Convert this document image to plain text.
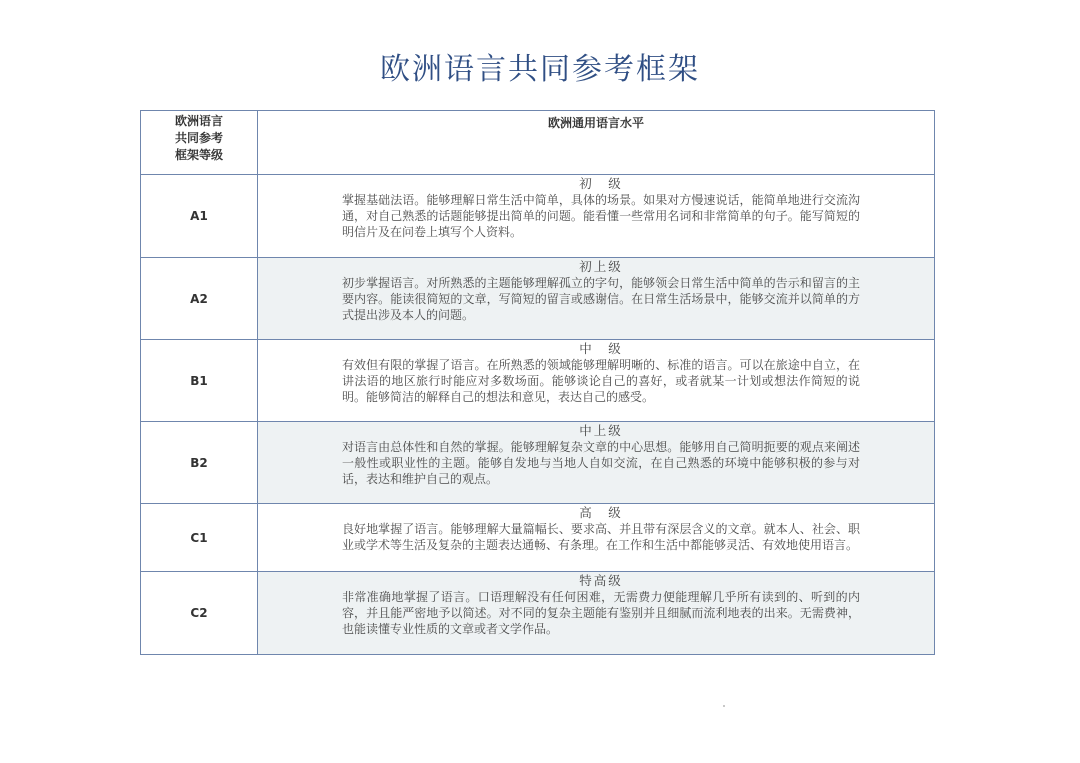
欧洲语言共同参考框架
欧洲语言
共同参考
框架等级	欧洲通用语言水平
A1	初　级
掌握基础法语。能够理解日常生活中简单，具体的场景。如果对方慢速说话，能简单地进行交流沟通，对自己熟悉的话题能够提出简单的问题。能看懂一些常用名词和非常简单的句子。能写简短的明信片及在问卷上填写个人资料。

A2	初上级
初步掌握语言。对所熟悉的主题能够理解孤立的字句，能够领会日常生活中简单的告示和留言的主要内容。能读很简短的文章，写简短的留言或感谢信。在日常生活场景中，能够交流并以简单的方式提出涉及本人的问题。

B1	中　级
有效但有限的掌握了语言。在所熟悉的领域能够理解明晰的、标准的语言。可以在旅途中自立，在讲法语的地区旅行时能应对多数场面。能够谈论自己的喜好，或者就某一计划或想法作简短的说明。能够简洁的解释自己的想法和意见，表达自己的感受。

B2	中上级
对语言由总体性和自然的掌握。能够理解复杂文章的中心思想。能够用自己简明扼要的观点来阐述一般性或职业性的主题。能够自发地与当地人自如交流，在自己熟悉的环境中能够积极的参与对话，表达和维护自己的观点。

C1	高　级
良好地掌握了语言。能够理解大量篇幅长、要求高、并且带有深层含义的文章。就本人、社会、职业或学术等生活及复杂的主题表达通畅、有条理。在工作和生活中都能够灵活、有效地使用语言。

C2	特高级
非常准确地掌握了语言。口语理解没有任何困难，无需费力便能理解几乎所有读到的、听到的内容，并且能严密地予以简述。对不同的复杂主题能有鉴别并且细腻而流利地表的出来。无需费神，也能读懂专业性质的文章或者文学作品。
